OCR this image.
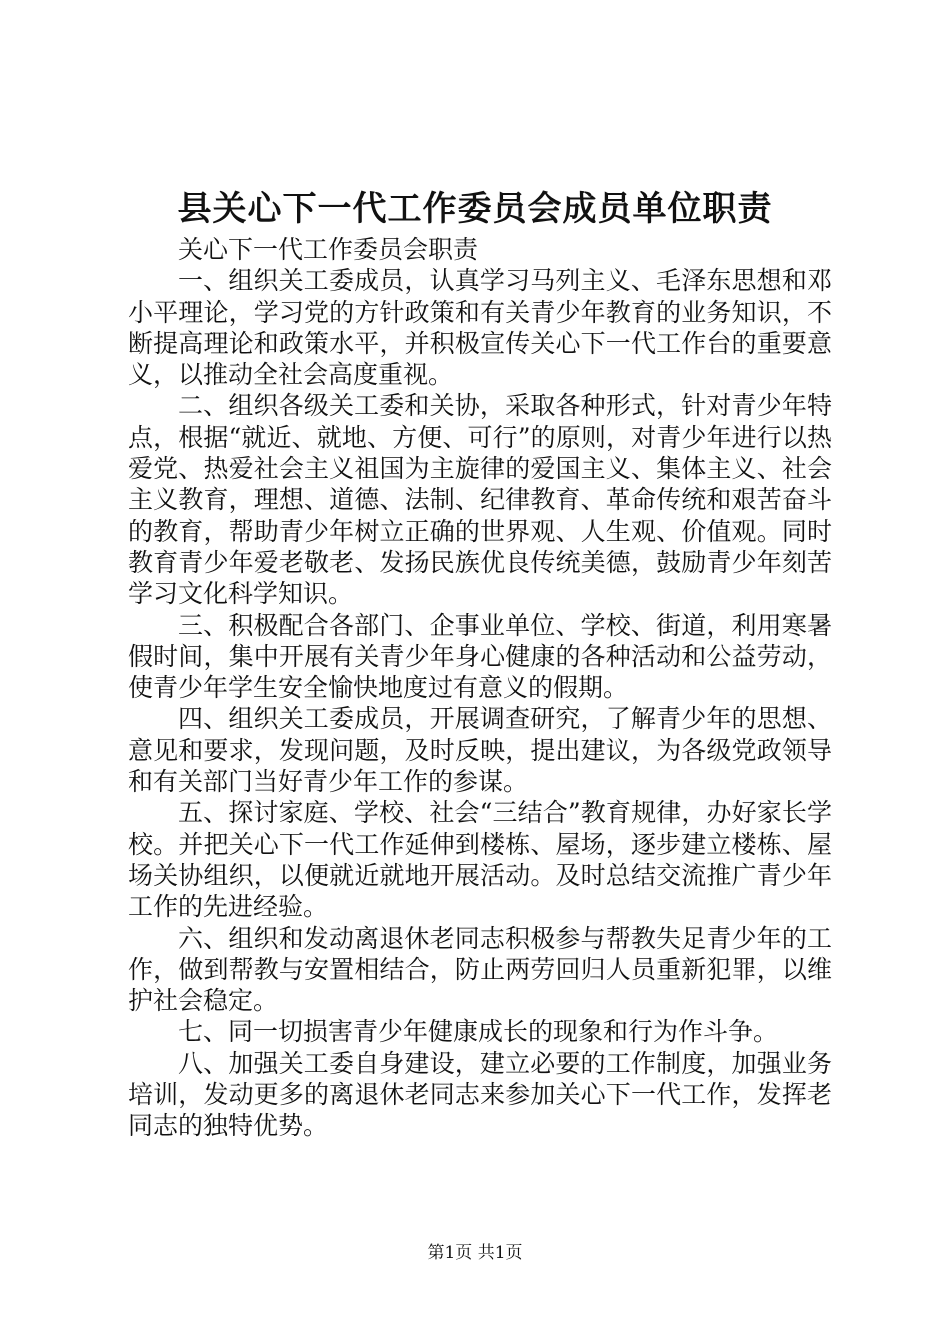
县关心下一代工作委员会成员单位职责

关心下一代工作委员会职责

一、组织关工委成员，认真学习马列主义、毛泽东思想和邓小平理论，学习党的方针政策和有关青少年教育的业务知识，不断提高理论和政策水平，并积极宣传关心下一代工作台的重要意义，以推动全社会高度重视。

二、组织各级关工委和关协，采取各种形式，针对青少年特点，根据“就近、就地、方便、可行”的原则，对青少年进行以热爱党、热爱社会主义祖国为主旋律的爱国主义、集体主义、社会主义教育，理想、道德、法制、纪律教育、革命传统和艰苦奋斗的教育，帮助青少年树立正确的世界观、人生观、价值观。同时教育青少年爱老敬老、发扬民族优良传统美德，鼓励青少年刻苦学习文化科学知识。

三、积极配合各部门、企事业单位、学校、街道，利用寒暑假时间，集中开展有关青少年身心健康的各种活动和公益劳动，使青少年学生安全愉快地度过有意义的假期。

四、组织关工委成员，开展调查研究，了解青少年的思想、意见和要求，发现问题，及时反映，提出建议，为各级党政领导和有关部门当好青少年工作的参谋。

五、探讨家庭、学校、社会“三结合”教育规律，办好家长学校。并把关心下一代工作延伸到楼栋、屋场，逐步建立楼栋、屋场关协组织，以便就近就地开展活动。及时总结交流推广青少年工作的先进经验。

六、组织和发动离退休老同志积极参与帮教失足青少年的工作，做到帮教与安置相结合，防止两劳回归人员重新犯罪，以维护社会稳定。

七、同一切损害青少年健康成长的现象和行为作斗争。

八、加强关工委自身建设，建立必要的工作制度，加强业务培训，发动更多的离退休老同志来参加关心下一代工作，发挥老同志的独特优势。

第1页 共1页
